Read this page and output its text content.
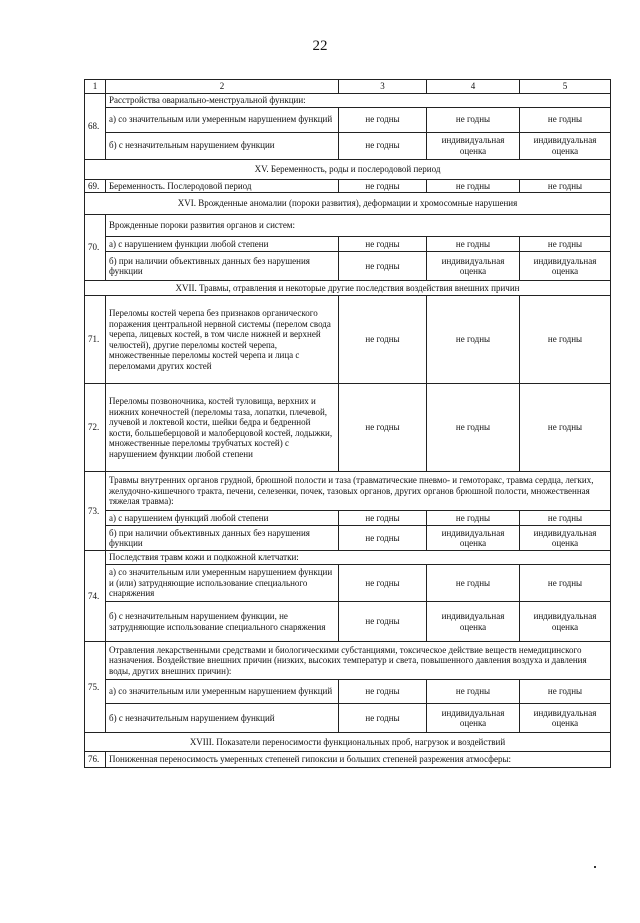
22
1	2	3	4	5
68.	Расстройства овариально-менструальной функции:			
	а) со значительным или умеренным нарушением функций	не годны	не годны	не годны
	б) с незначительным нарушением функции	не годны	индивидуальная оценка	индивидуальная оценка
XV. Беременность, роды и послеродовой период				
69.	Беременность. Послеродовой период	не годны	не годны	не годны
XVI. Врожденные аномалии (пороки развития), деформации и хромосомные нарушения				
70.	Врожденные пороки развития органов и систем:			
	а) с нарушением функции любой степени	не годны	не годны	не годны
	б) при наличии объективных данных без нарушения функции	не годны	индивидуальная оценка	индивидуальная оценка
XVII. Травмы, отравления и некоторые другие последствия воздействия внешних причин				
71.	Переломы костей черепа без признаков органического поражения центральной нервной системы (перелом свода черепа, лицевых костей, в том числе нижней и верхней челюстей), другие переломы костей черепа, множественные переломы костей черепа и лица с переломами других костей	не годны	не годны	не годны
72.	Переломы позвоночника, костей туловища, верхних и нижних конечностей (переломы таза, лопатки, плечевой, лучевой и локтевой кости, шейки бедра и бедренной кости, большеберцовой и малоберцовой костей, лодыжки, множественные переломы трубчатых костей) с нарушением функции любой степени	не годны	не годны	не годны
73.	Травмы внутренних органов грудной, брюшной полости и таза (травматические пневмо- и гемоторакс, травма сердца, легких, желудочно-кишечного тракта, печени, селезенки, почек, тазовых органов, других органов брюшной полости, множественная тяжелая травма):			
	а) с нарушением функций любой степени	не годны	не годны	не годны
	б) при наличии объективных данных без нарушения функции	не годны	индивидуальная оценка	индивидуальная оценка
74.	Последствия травм кожи и подкожной клетчатки:			
	а) со значительным или умеренным нарушением функции и (или) затрудняющие использование специального снаряжения	не годны	не годны	не годны
	б) с незначительным нарушением функции, не затрудняющие использование специального снаряжения	не годны	индивидуальная оценка	индивидуальная оценка
75.	Отравления лекарственными средствами и биологическими субстанциями, токсическое действие веществ немедицинского назначения. Воздействие внешних причин (низких, высоких температур и света, повышенного давления воздуха и давления воды, других внешних причин):			
	а) со значительным или умеренным нарушением функций	не годны	не годны	не годны
	б) с незначительным нарушением функций	не годны	индивидуальная оценка	индивидуальная оценка
XVIII. Показатели переносимости функциональных проб, нагрузок и воздействий				
76.	Пониженная переносимость умеренных степеней гипоксии и больших степеней разрежения атмосферы:			
